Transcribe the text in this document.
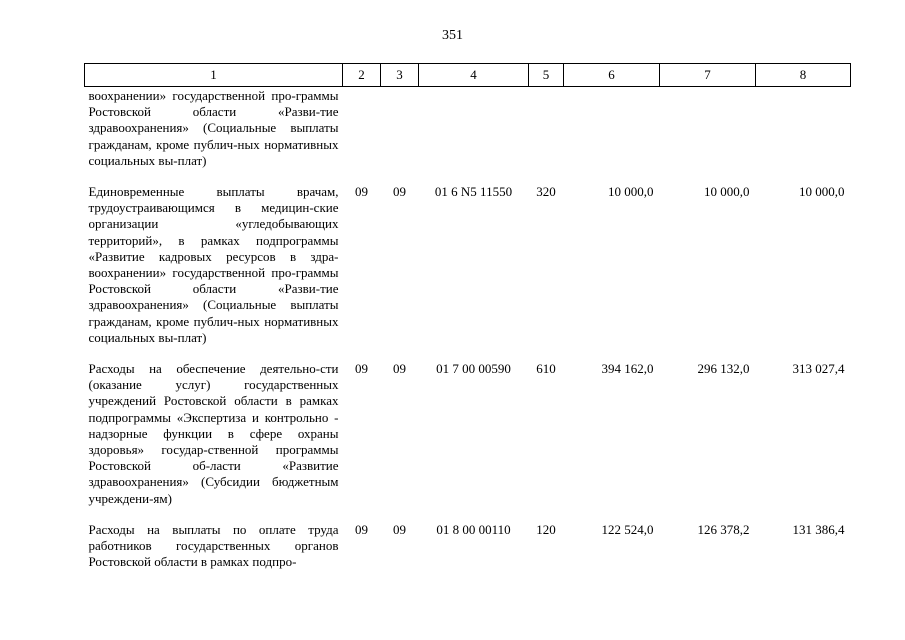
351
1	2	3	4	5	6	7	8
воохранении» государственной про-граммы Ростовской области «Разви-тие здравоохранения» (Социальные выплаты гражданам, кроме публич-ных нормативных социальных вы-плат)							
Единовременные выплаты врачам, трудоустраивающимся в медицин-ские организации «угледобывающих территорий», в рамках подпрограммы «Развитие кадровых ресурсов в здра-воохранении» государственной про-граммы Ростовской области «Разви-тие здравоохранения» (Социальные выплаты гражданам, кроме публич-ных нормативных социальных вы-плат)	09	09	01 6 N5 11550	320	10 000,0	10 000,0	10 000,0
Расходы на обеспечение деятельно-сти (оказание услуг) государственных учреждений Ростовской области в рамках подпрограммы «Экспертиза и контрольно - надзорные функции в сфере охраны здоровья» государ-ственной программы Ростовской об-ласти «Развитие здравоохранения» (Субсидии бюджетным учреждени-ям)	09	09	01 7 00 00590	610	394 162,0	296 132,0	313 027,4
Расходы на выплаты по оплате труда работников государственных органов Ростовской области в рамках подпро-	09	09	01 8 00 00110	120	122 524,0	126 378,2	131 386,4
